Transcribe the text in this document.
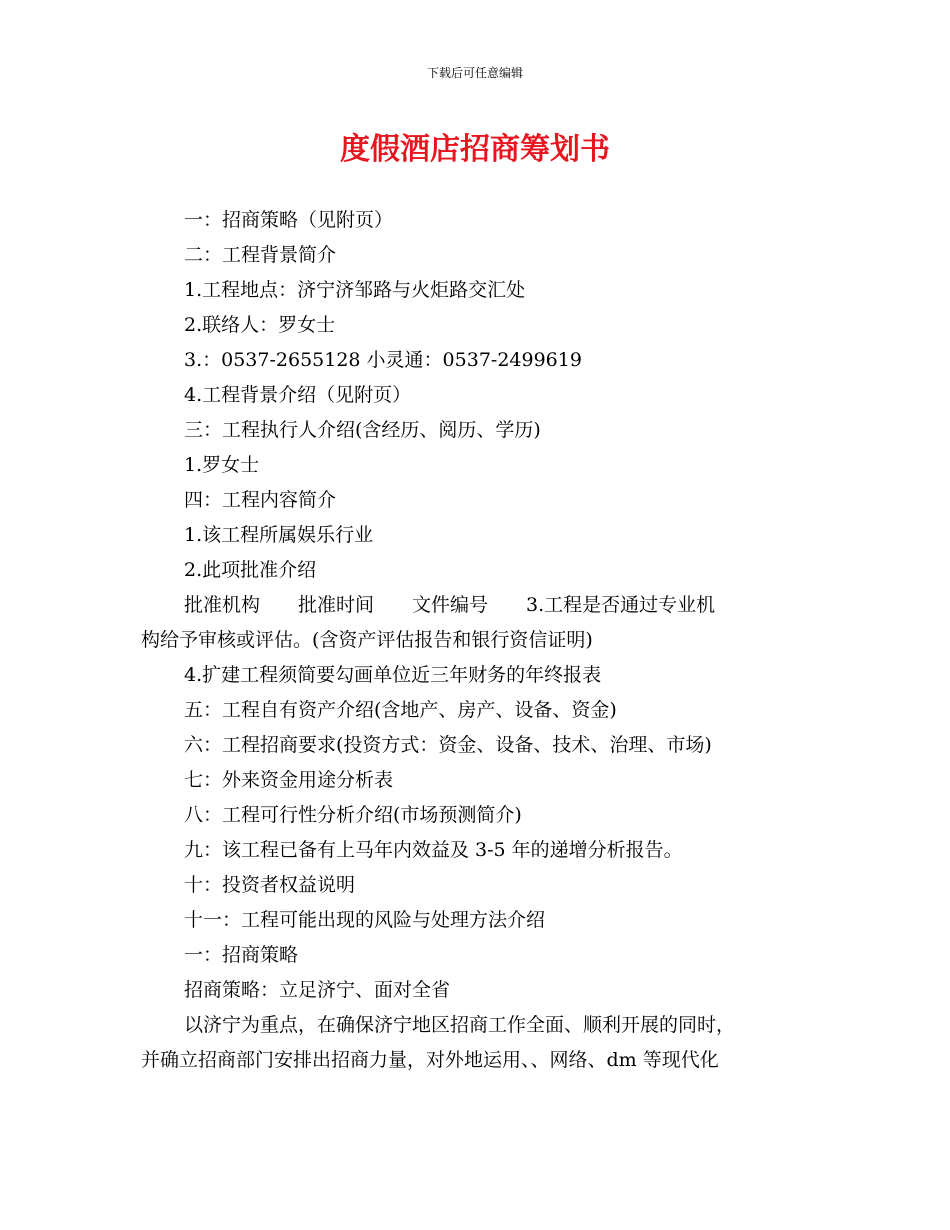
下载后可任意编辑
度假酒店招商筹划书
一：招商策略（见附页）
二：工程背景简介
1.工程地点：济宁济邹路与火炬路交汇处
2.联络人：罗女士
3.：0537-2655128 小灵通：0537-2499619
4.工程背景介绍（见附页）
三：工程执行人介绍(含经历、阅历、学历)
1.罗女士
四：工程内容简介
1.该工程所属娱乐行业
2.此项批准介绍
批准机构　　批准时间　　文件编号　　3.工程是否通过专业机
构给予审核或评估。(含资产评估报告和银行资信证明)
4.扩建工程须简要勾画单位近三年财务的年终报表
五：工程自有资产介绍(含地产、房产、设备、资金)
六：工程招商要求(投资方式：资金、设备、技术、治理、市场)
七：外来资金用途分析表
八：工程可行性分析介绍(市场预测简介)
九：该工程已备有上马年内效益及 3-5 年的递增分析报告。
十：投资者权益说明
十一：工程可能出现的风险与处理方法介绍
一：招商策略
招商策略：立足济宁、面对全省
以济宁为重点，在确保济宁地区招商工作全面、顺利开展的同时，
并确立招商部门安排出招商力量，对外地运用、、网络、dm 等现代化
